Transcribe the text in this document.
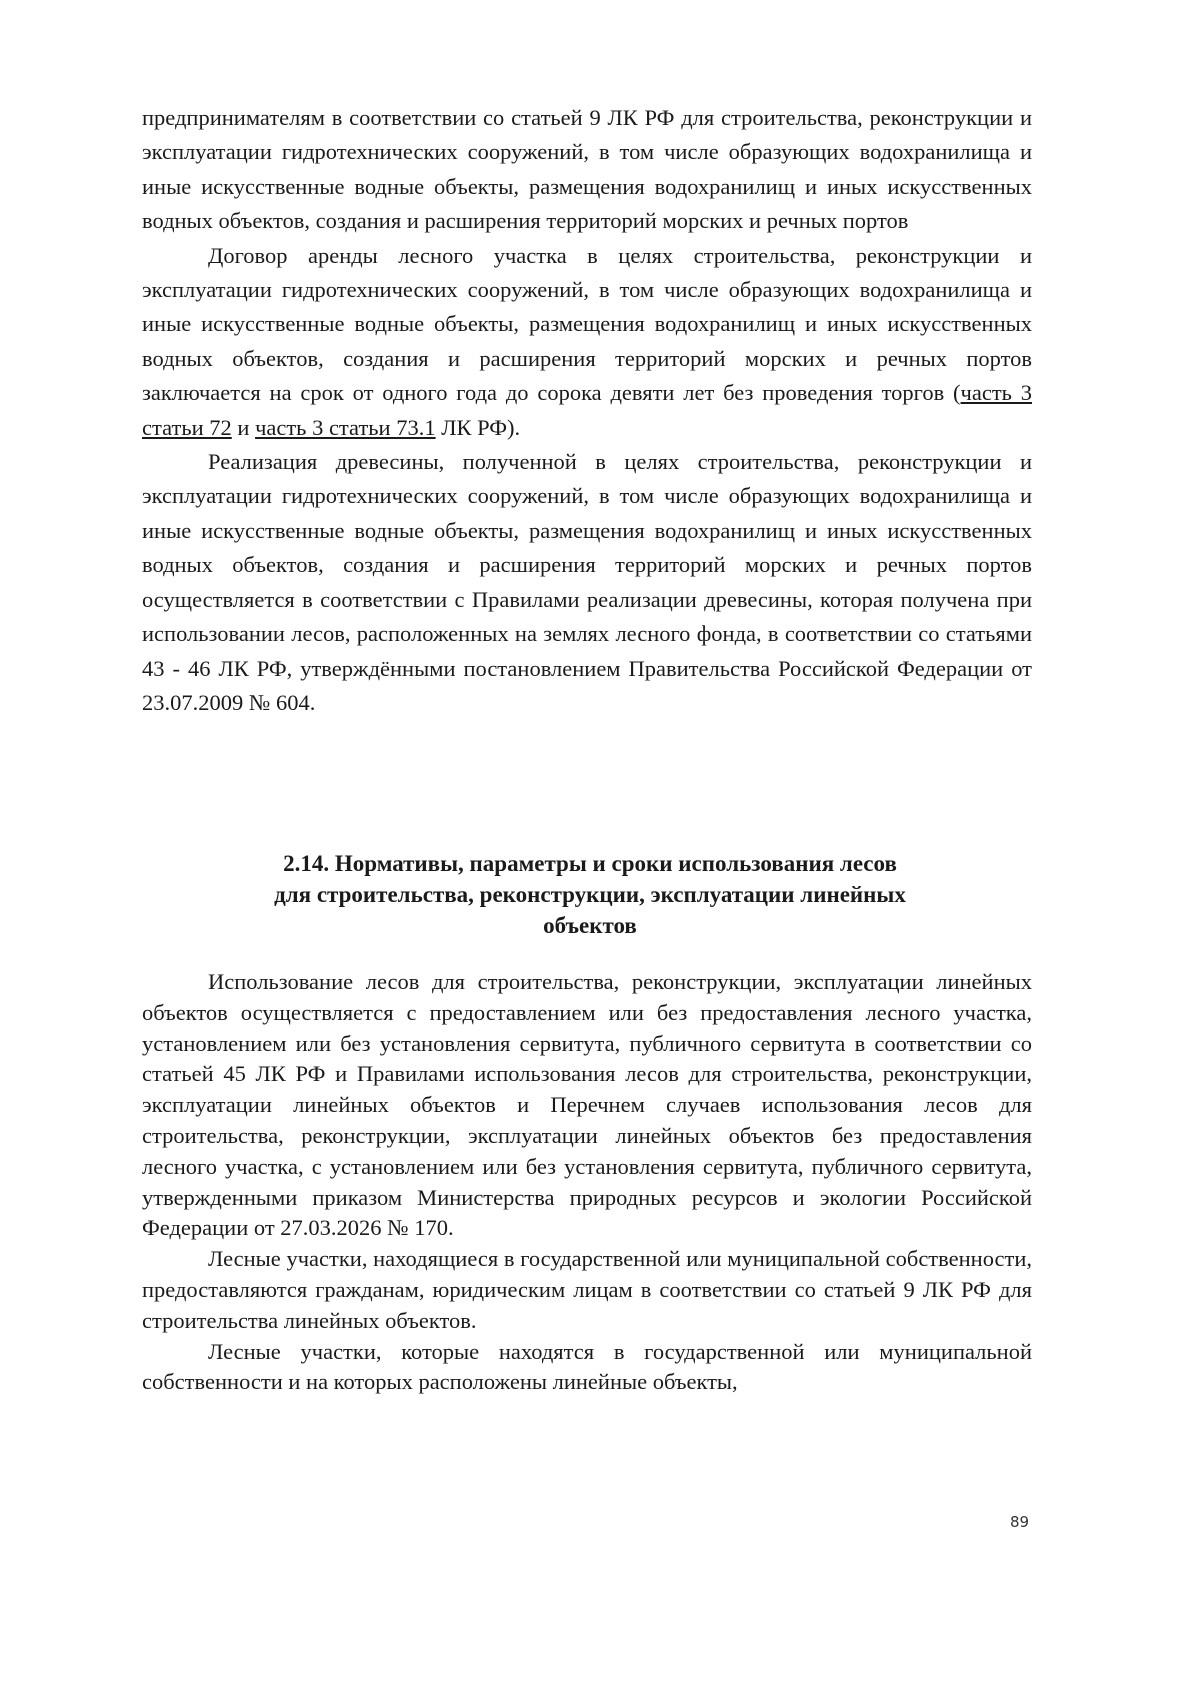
предпринимателям в соответствии со статьей 9 ЛК РФ для строительства, реконструкции и эксплуатации гидротехнических сооружений, в том числе образующих водохранилища и иные искусственные водные объекты, размещения водохранилищ и иных искусственных водных объектов, создания и расширения территорий морских и речных портов

Договор аренды лесного участка в целях строительства, реконструкции и эксплуатации гидротехнических сооружений, в том числе образующих водохранилища и иные искусственные водные объекты, размещения водохранилищ и иных искусственных водных объектов, создания и расширения территорий морских и речных портов заключается на срок от одного года до сорока девяти лет без проведения торгов (часть 3 статьи 72 и часть 3 статьи 73.1 ЛК РФ).

Реализация древесины, полученной в целях строительства, реконструкции и эксплуатации гидротехнических сооружений, в том числе образующих водохранилища и иные искусственные водные объекты, размещения водохранилищ и иных искусственных водных объектов, создания и расширения территорий морских и речных портов осуществляется в соответствии с Правилами реализации древесины, которая получена при использовании лесов, расположенных на землях лесного фонда, в соответствии со статьями 43 - 46 ЛК РФ, утверждёнными постановлением Правительства Российской Федерации от 23.07.2009 № 604.

2.14. Нормативы, параметры и сроки использования лесов
для строительства, реконструкции, эксплуатации линейных
объектов

Использование лесов для строительства, реконструкции, эксплуатации линейных объектов осуществляется с предоставлением или без предоставления лесного участка, установлением или без установления сервитута, публичного сервитута в соответствии со статьей 45 ЛК РФ и Правилами использования лесов для строительства, реконструкции, эксплуатации линейных объектов и Перечнем случаев использования лесов для строительства, реконструкции, эксплуатации линейных объектов без предоставления лесного участка, с установлением или без установления сервитута, публичного сервитута, утвержденными приказом Министерства природных ресурсов и экологии Российской Федерации от 27.03.2026 № 170.

Лесные участки, находящиеся в государственной или муниципальной собственности, предоставляются гражданам, юридическим лицам в соответствии со статьей 9 ЛК РФ для строительства линейных объектов.

Лесные участки, которые находятся в государственной или муниципальной собственности и на которых расположены линейные объекты,

89
